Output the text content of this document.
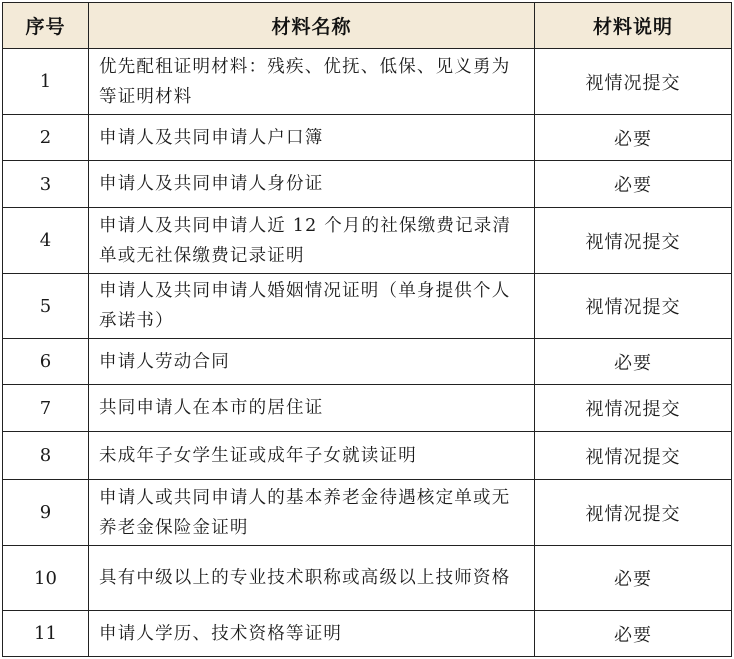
序号	材料名称	材料说明
1	优先配租证明材料：残疾、优抚、低保、见义勇为等证明材料	视情况提交
2	申请人及共同申请人户口簿	必要
3	申请人及共同申请人身份证	必要
4	申请人及共同申请人近 12 个月的社保缴费记录清单或无社保缴费记录证明	视情况提交
5	申请人及共同申请人婚姻情况证明（单身提供个人承诺书）	视情况提交
6	申请人劳动合同	必要
7	共同申请人在本市的居住证	视情况提交
8	未成年子女学生证或成年子女就读证明	视情况提交
9	申请人或共同申请人的基本养老金待遇核定单或无养老金保险金证明	视情况提交
10	具有中级以上的专业技术职称或高级以上技师资格	必要
11	申请人学历、技术资格等证明	必要
